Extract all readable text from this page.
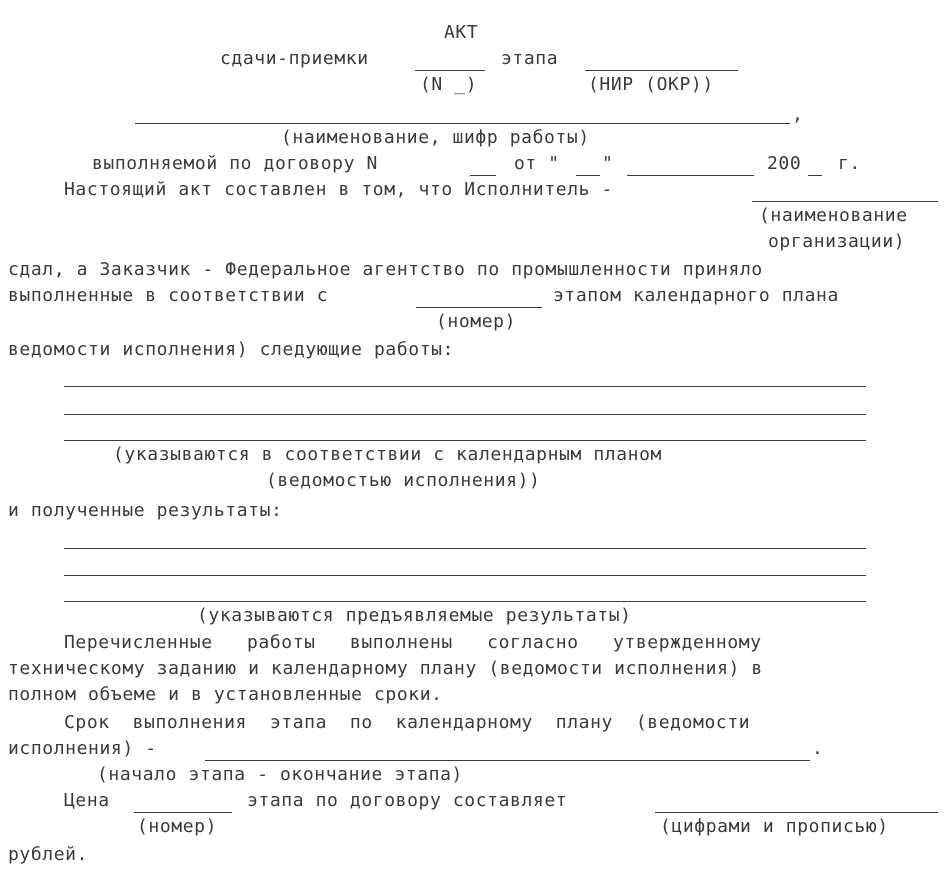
АКТ
сдачи-приемки	этапа
(N _)	(НИР (ОКР))
,
(наименование, шифр работы)
выполняемой по договору N	от " "	200 г.
Настоящий акт составлен в том, что Исполнитель -
(наименование
организации)
сдал, а Заказчик - Федеральное агентство по промышленности приняло
выполненные в соответствии с	этапом календарного плана
(номер)
ведомости исполнения) следующие работы:
(указываются в соответствии с календарным планом
(ведомостью исполнения))
и полученные результаты:
(указываются предъявляемые результаты)
Перечисленные   работы   выполнены   согласно   утвержденному
техническому заданию и календарному плану (ведомости исполнения) в
полном объеме и в установленные сроки.
Срок  выполнения  этапа  по  календарному  плану  (ведомости
исполнения) -	.
(начало этапа - окончание этапа)
Цена	этапа по договору составляет
(номер)	(цифрами и прописью)
рублей.
